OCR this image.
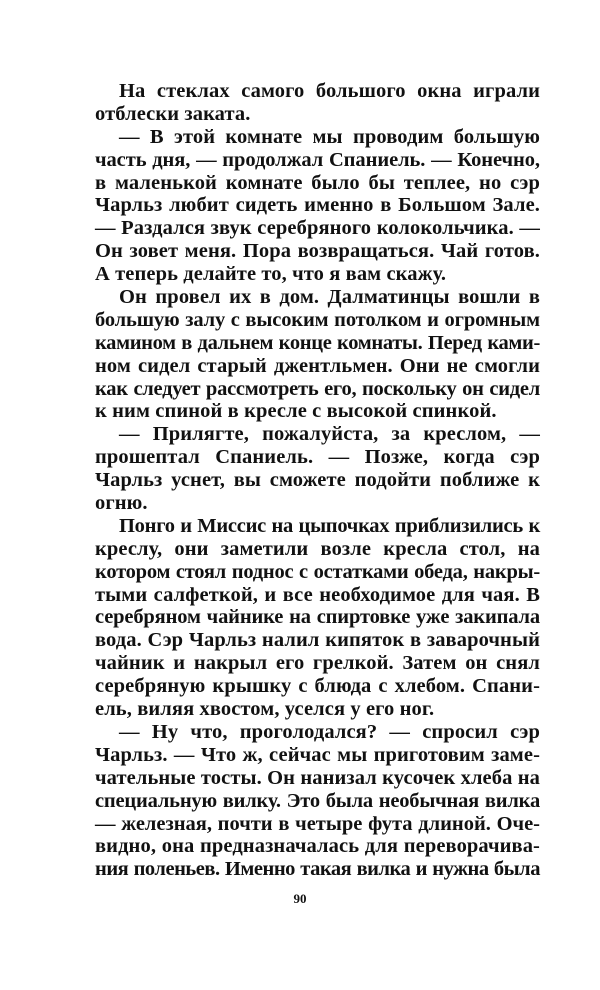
На стеклах самого большого окна играли
отблески заката.
— В этой комнате мы проводим большую
часть дня, — продолжал Спаниель. — Конечно,
в маленькой комнате было бы теплее, но сэр
Чарльз любит сидеть именно в Большом Зале.
— Раздался звук серебряного колокольчика. —
Он зовет меня. Пора возвращаться. Чай готов.
А теперь делайте то, что я вам скажу.
Он провел их в дом. Далматинцы вошли в
большую залу с высоким потолком и огромным
камином в дальнем конце комнаты. Перед ками-
ном сидел старый джентльмен. Они не смогли
как следует рассмотреть его, поскольку он сидел
к ним спиной в кресле с высокой спинкой.
— Прилягте, пожалуйста, за креслом, —
прошептал Спаниель. — Позже, когда сэр
Чарльз уснет, вы сможете подойти поближе к
огню.
Понго и Миссис на цыпочках приблизились к
креслу, они заметили возле кресла стол, на
котором стоял поднос с остатками обеда, накры-
тыми салфеткой, и все необходимое для чая. В
серебряном чайнике на спиртовке уже закипала
вода. Сэр Чарльз налил кипяток в заварочный
чайник и накрыл его грелкой. Затем он снял
серебряную крышку с блюда с хлебом. Спани-
ель, виляя хвостом, уселся у его ног.
— Ну что, проголодался? — спросил сэр
Чарльз. — Что ж, сейчас мы приготовим заме-
чательные тосты. Он нанизал кусочек хлеба на
специальную вилку. Это была необычная вилка
— железная, почти в четыре фута длиной. Оче-
видно, она предназначалась для переворачива-
ния поленьев. Именно такая вилка и нужна была
90
